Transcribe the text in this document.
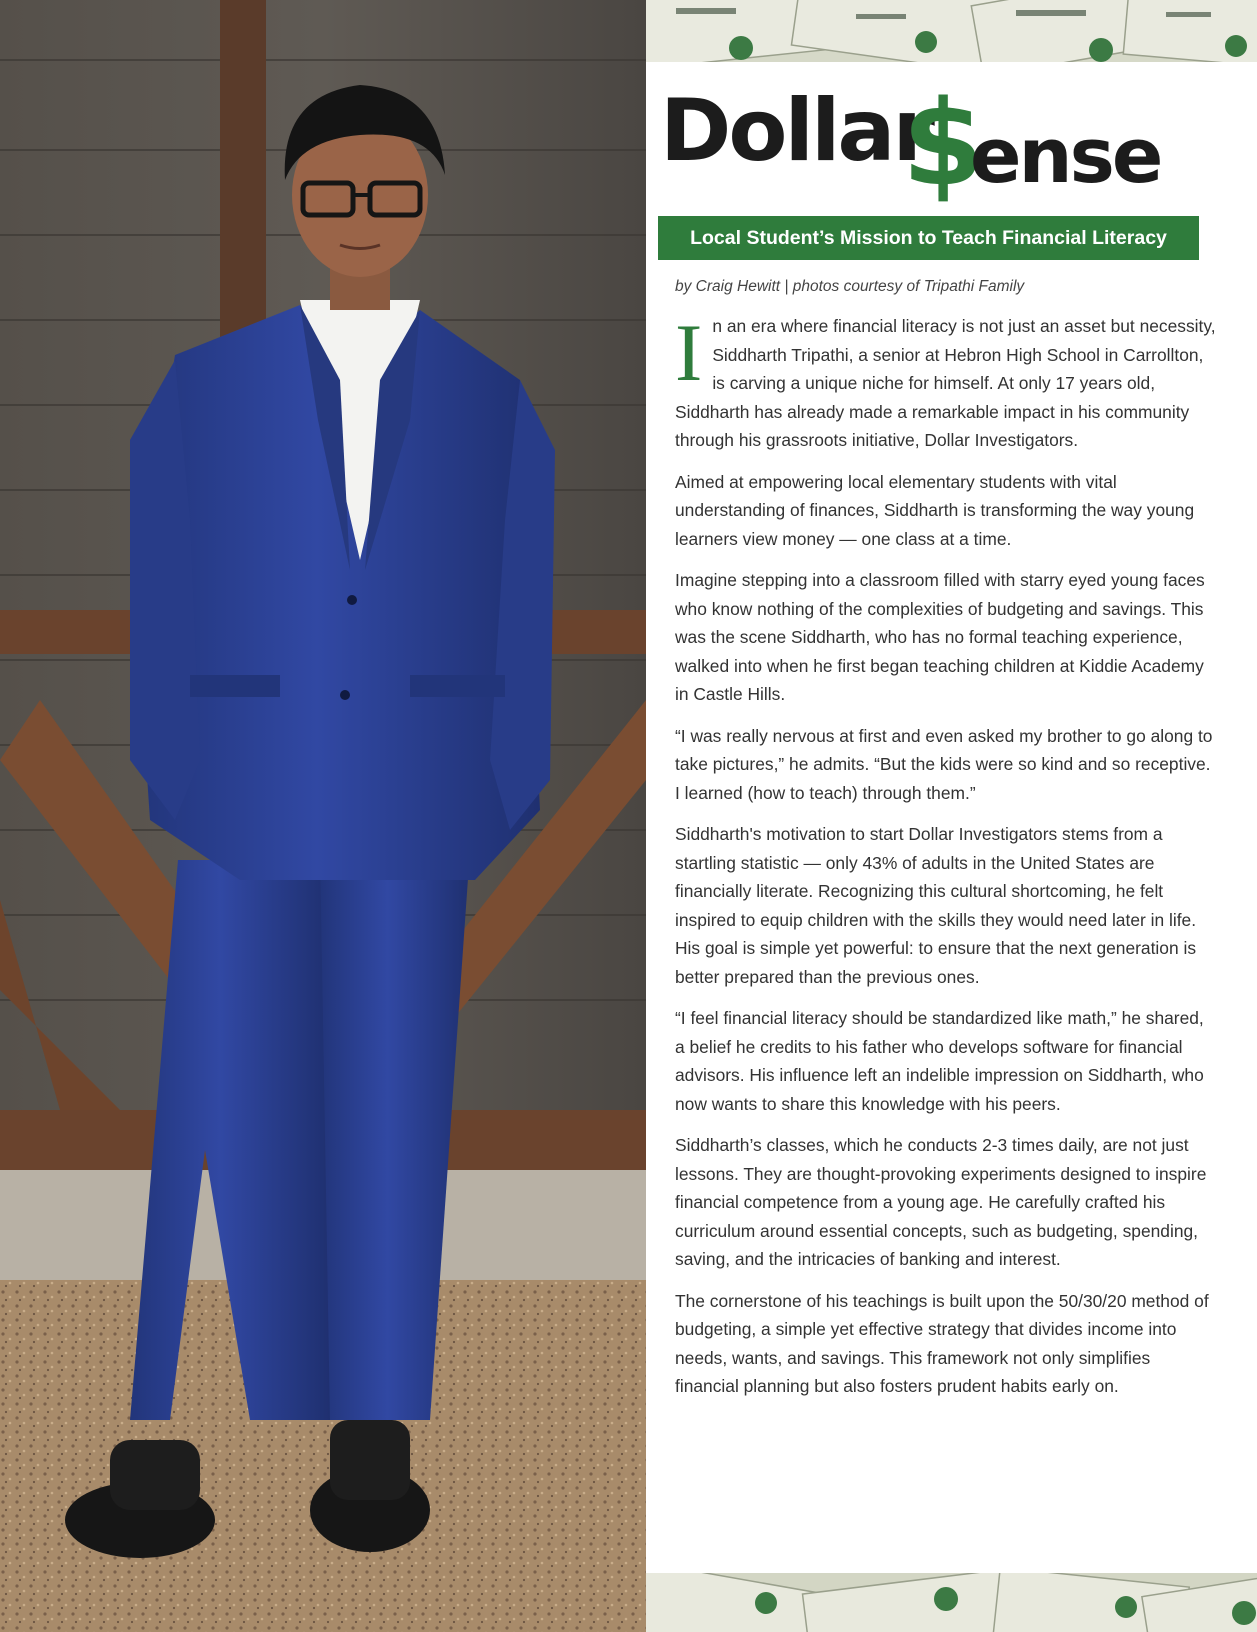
Dollar
$
ense
Local Student’s Mission to Teach Financial Literacy
by Craig Hewitt | photos courtesy of Tripathi Family

In an era where financial literacy is not just an asset but necessity, Siddharth Tripathi, a senior at Hebron High School in Carrollton, is carving a unique niche for himself. At only 17 years old, Siddharth has already made a remarkable impact in his community through his grassroots initiative, Dollar Investigators.

Aimed at empowering local elementary students with vital understanding of finances, Siddharth is transforming the way young learners view money — one class at a time.

Imagine stepping into a classroom filled with starry eyed young faces who know nothing of the complexities of budgeting and savings. This was the scene Siddharth, who has no formal teaching experience, walked into when he first began teaching children at Kiddie Academy in Castle Hills.

“I was really nervous at first and even asked my brother to go along to take pictures,” he admits. “But the kids were so kind and so receptive. I learned (how to teach) through them.”

Siddharth's motivation to start Dollar Investigators stems from a startling statistic — only 43% of adults in the United States are financially literate. Recognizing this cultural shortcoming, he felt inspired to equip children with the skills they would need later in life. His goal is simple yet powerful: to ensure that the next generation is better prepared than the previous ones.

“I feel financial literacy should be standardized like math,” he shared, a belief he credits to his father who develops software for financial advisors. His influence left an indelible impression on Siddharth, who now wants to share this knowledge with his peers.

Siddharth’s classes, which he conducts 2-3 times daily, are not just lessons. They are thought-provoking experiments designed to inspire financial competence from a young age. He carefully crafted his curriculum around essential concepts, such as budgeting, spending, saving, and the intricacies of banking and interest.

The cornerstone of his teachings is built upon the 50/30/20 method of budgeting, a simple yet effective strategy that divides income into needs, wants, and savings. This framework not only simplifies financial planning but also fosters prudent habits early on.
